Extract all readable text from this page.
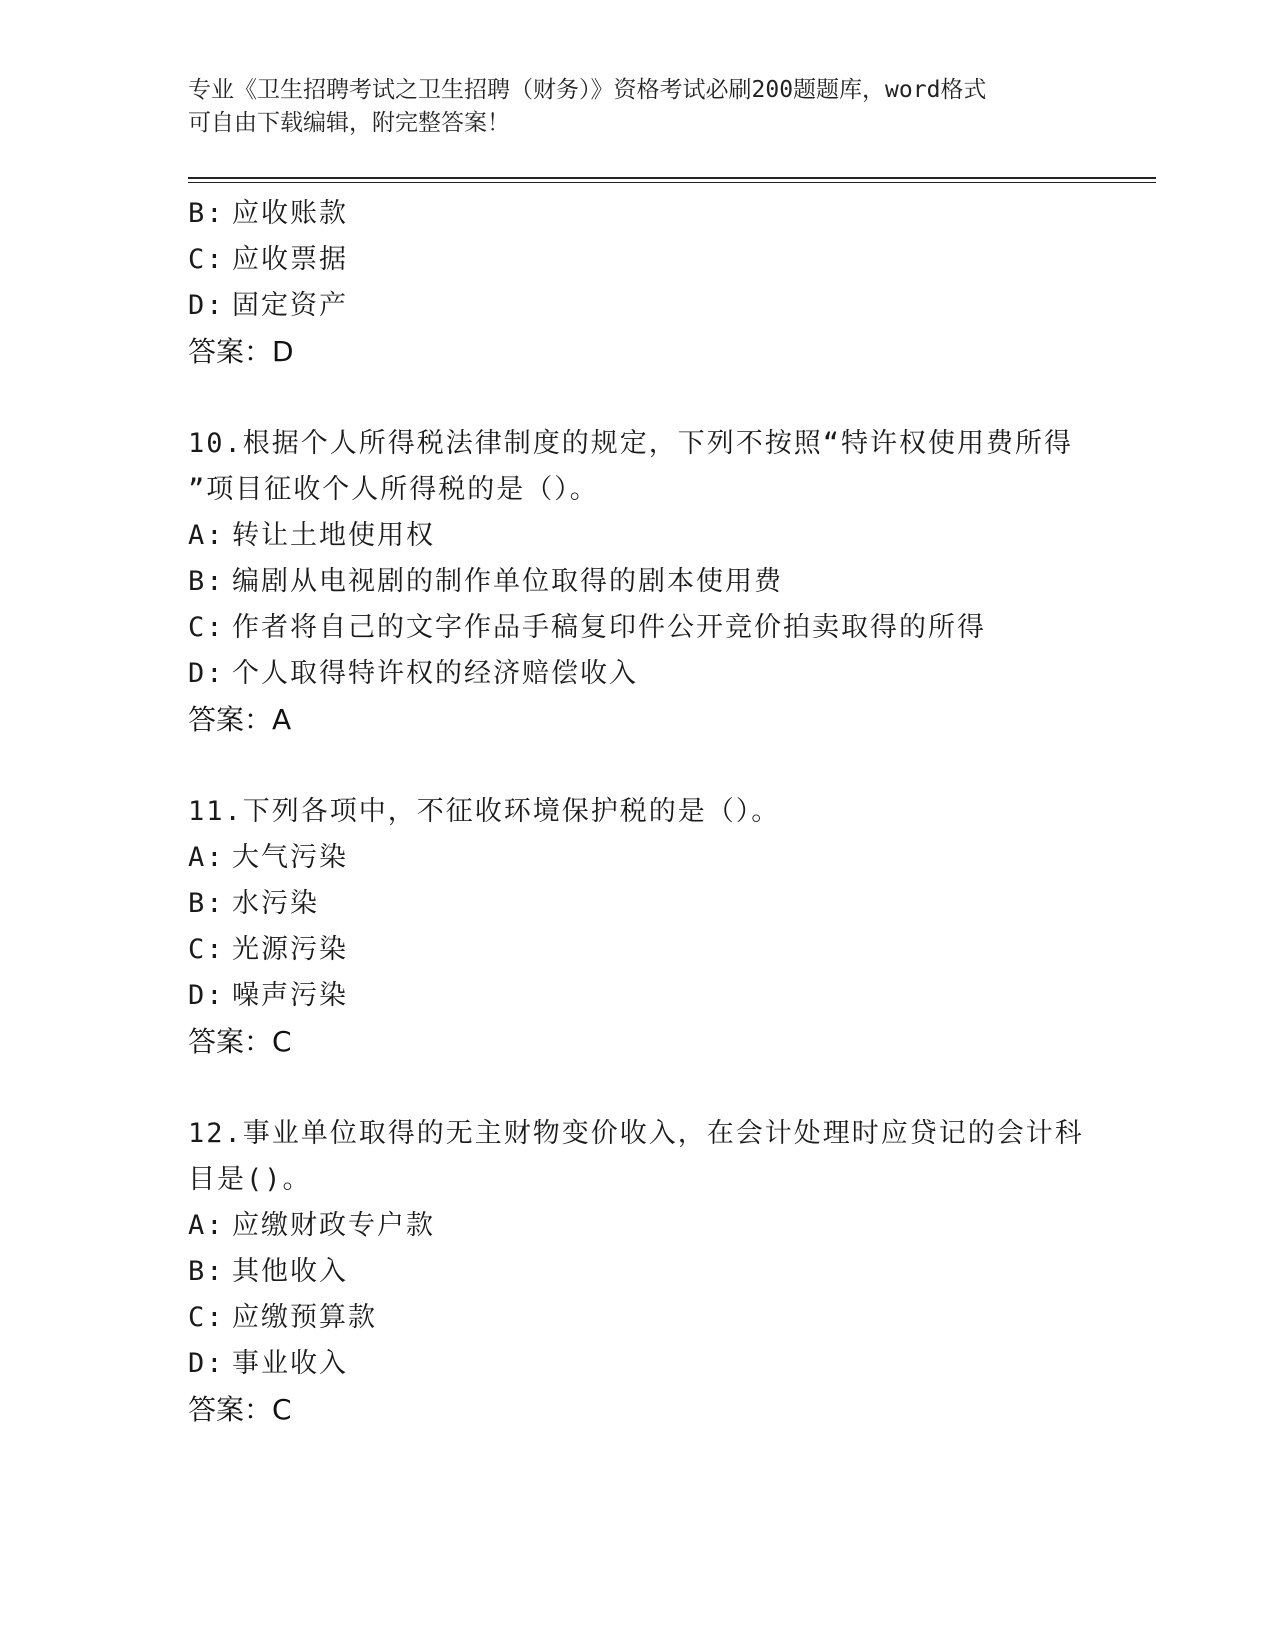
专业《卫生招聘考试之卫生招聘（财务）》资格考试必刷200题题库，word格式
可自由下载编辑，附完整答案！
B: 应收账款
C: 应收票据
D: 固定资产
答案：D
10.根据个人所得税法律制度的规定，下列不按照“特许权使用费所得
”项目征收个人所得税的是（）。
A: 转让土地使用权
B: 编剧从电视剧的制作单位取得的剧本使用费
C: 作者将自己的文字作品手稿复印件公开竞价拍卖取得的所得
D: 个人取得特许权的经济赔偿收入
答案：A
11.下列各项中，不征收环境保护税的是（）。
A: 大气污染
B: 水污染
C: 光源污染
D: 噪声污染
答案：C
12.事业单位取得的无主财物变价收入，在会计处理时应贷记的会计科
目是()。
A: 应缴财政专户款
B: 其他收入
C: 应缴预算款
D: 事业收入
答案：C
